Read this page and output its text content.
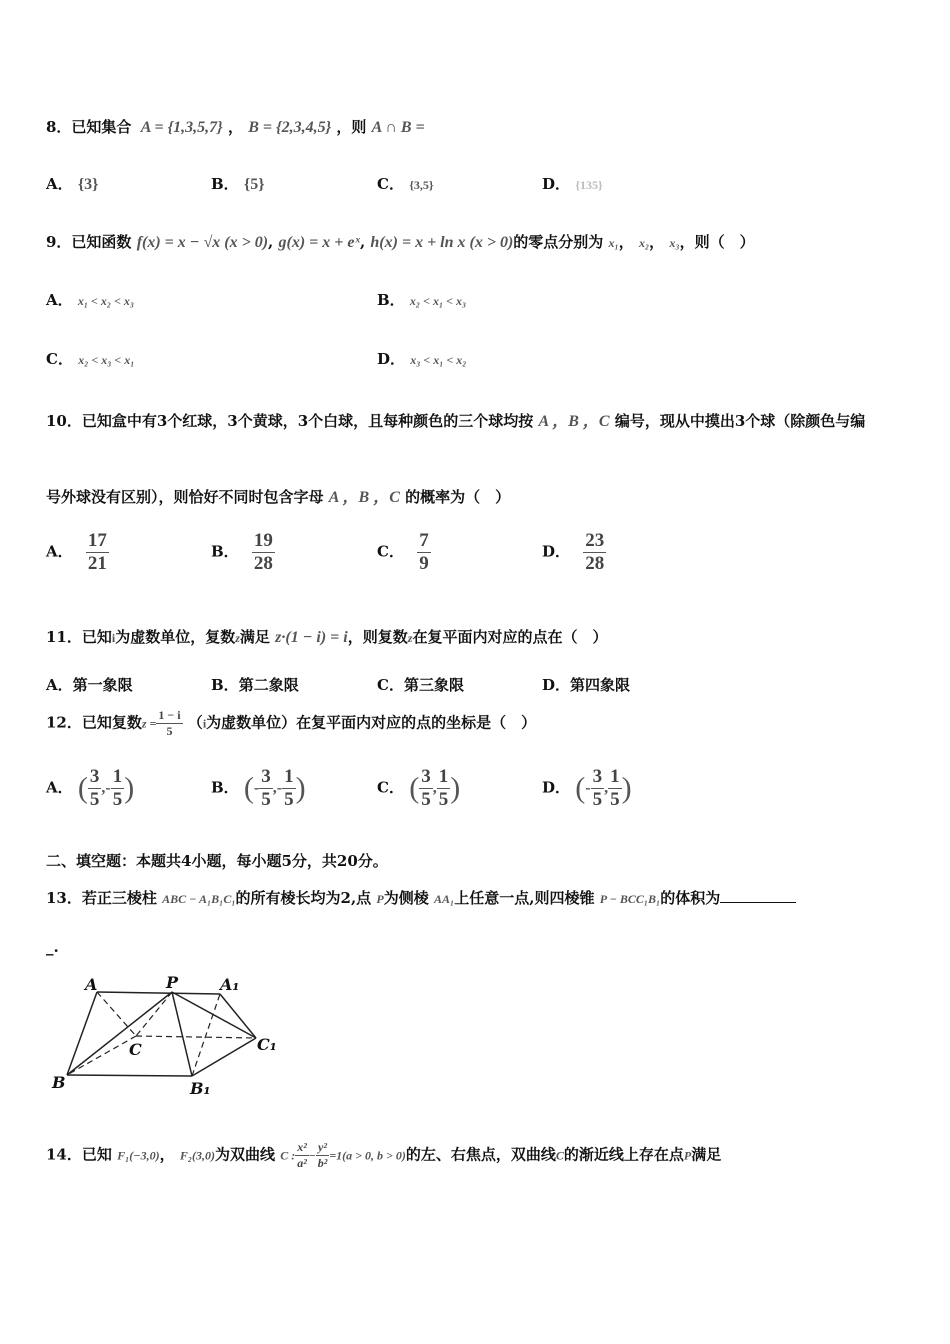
8．已知集合 A = {1,3,5,7} ， B = {2,3,4,5} ，则 A ∩ B =
A． {3}	B． {5}	C． {3,5}	D． {135}
9．已知函数 f(x) = x − √x (x > 0), g(x) = x + eˣ, h(x) = x + ln x (x > 0)的零点分别为 x₁， x₂， x₃，则（　）
A． x₁ < x₂ < x₃	B． x₂ < x₁ < x₃
C． x₂ < x₃ < x₁	D． x₃ < x₁ < x₂
10．已知盒中有3个红球，3个黄球，3个白球，且每种颜色的三个球均按 A ，B ，C 编号，现从中摸出3个球（除颜色与编
号外球没有区别），则恰好不同时包含字母 A ，B ，C 的概率为（　）
A． $\frac{17}{21}$	B． $\frac{19}{28}$	C． $\frac{7}{9}$	D． $\frac{23}{28}$
11．已知i为虚数单位，复数z满足 z·(1 − i) = i，则复数z在复平面内对应的点在（　）
A．第一象限	B．第二象限	C．第三象限	D．第四象限
12．已知复数$z = \frac{1 - i}{5} (i$为虚数单位）在复平面内对应的点的坐标是（　）
A． ( $\frac{3}{5}$ ,- $\frac{1}{5}$ )	B． (- $\frac{3}{5}$ ,- $\frac{1}{5}$ )	C． ( $\frac{3}{5}$ , $\frac{1}{5}$ )	D． (- $\frac{3}{5}$ , $\frac{1}{5}$ )
二、填空题：本题共4小题，每小题5分，共20分。
13．若正三棱柱 ABC − A₁B₁C₁的所有棱长均为2,点 P为侧棱 AA₁上任意一点,则四棱锥 P − BCC₁B₁的体积为
_.
A	P	A₁
C	C₁
B	B₁
14．已知 F₁(−3,0)， F₂(3,0)为双曲线 C : $\frac{\text{x²}}{\text{a²}} - \frac{\text{y²}}{\text{b²}} =1(a > 0$, b > 0)的左、右焦点，双曲线C的渐近线上存在点P满足
